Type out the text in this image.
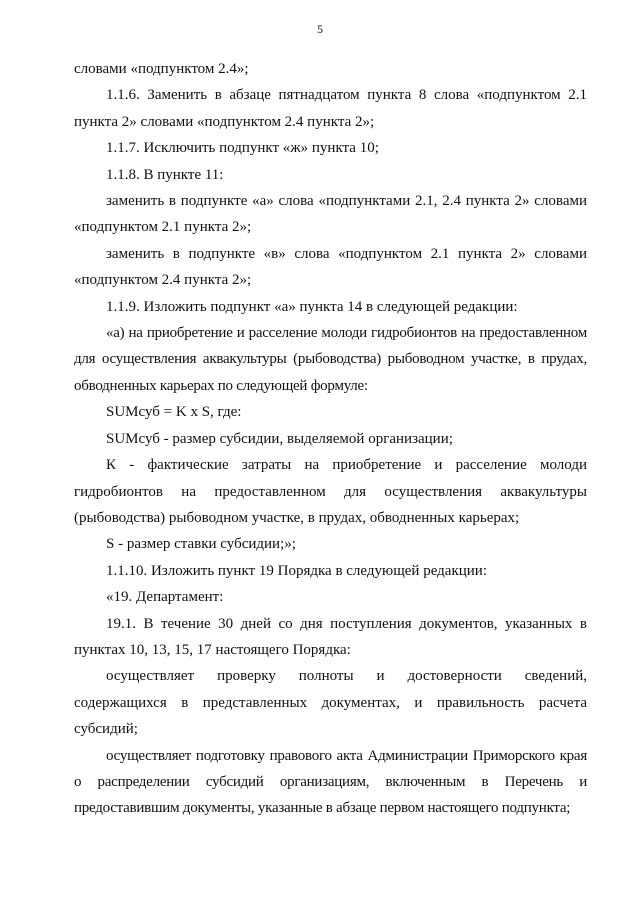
5

словами «подпунктом 2.4»;

1.1.6. Заменить в абзаце пятнадцатом пункта 8 слова «подпунктом 2.1 пункта 2» словами «подпунктом 2.4 пункта 2»;

1.1.7. Исключить подпункт «ж» пункта 10;

1.1.8. В пункте 11:

заменить в подпункте «а» слова «подпунктами 2.1, 2.4 пункта 2» словами «подпунктом 2.1 пункта 2»;

заменить в подпункте «в» слова «подпунктом 2.1 пункта 2» словами «подпунктом 2.4 пункта 2»;

1.1.9. Изложить подпункт «а» пункта 14 в следующей редакции:

«а) на приобретение и расселение молоди гидробионтов на предоставленном для осуществления аквакультуры (рыбоводства) рыбоводном участке, в прудах, обводненных карьерах по следующей формуле:

SUMсуб = K x S, где:

SUMсуб - размер субсидии, выделяемой организации;

К - фактические затраты на приобретение и расселение молоди гидробионтов на предоставленном для осуществления аквакультуры (рыбоводства) рыбоводном участке, в прудах, обводненных карьерах;

S - размер ставки субсидии;»;

1.1.10. Изложить пункт 19 Порядка в следующей редакции:

«19. Департамент:

19.1. В течение 30 дней со дня поступления документов, указанных в пунктах 10, 13, 15, 17 настоящего Порядка:

осуществляет проверку полноты и достоверности сведений, содержащихся в представленных документах, и правильность расчета субсидий;

осуществляет подготовку правового акта Администрации Приморского края о распределении субсидий организациям, включенным в Перечень и предоставившим документы, указанные в абзаце первом настоящего подпункта;
